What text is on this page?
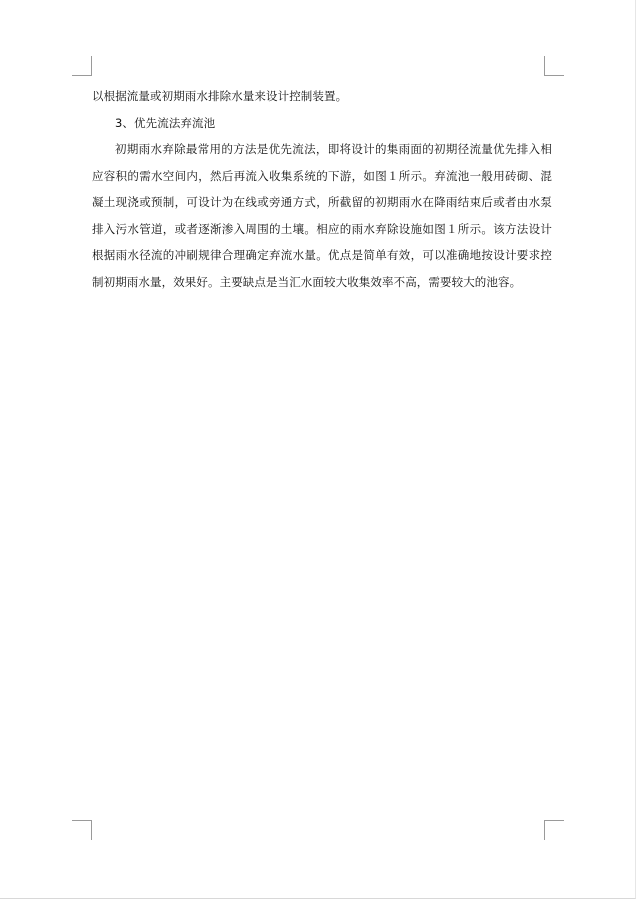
以根据流量或初期雨水排除水量来设计控制装置。

3、优先流法弃流池

初期雨水弃除最常用的方法是优先流法，即将设计的集雨面的初期径流量优先排入相应容积的需水空间内，然后再流入收集系统的下游，如图１所示。弃流池一般用砖砌、混凝土现浇或预制，可设计为在线或旁通方式，所截留的初期雨水在降雨结束后或者由水泵排入污水管道，或者逐渐渗入周围的土壤。相应的雨水弃除设施如图１所示。该方法设计根据雨水径流的冲刷规律合理确定弃流水量。优点是简单有效，可以准确地按设计要求控制初期雨水量，效果好。主要缺点是当汇水面较大收集效率不高，需要较大的池容。
